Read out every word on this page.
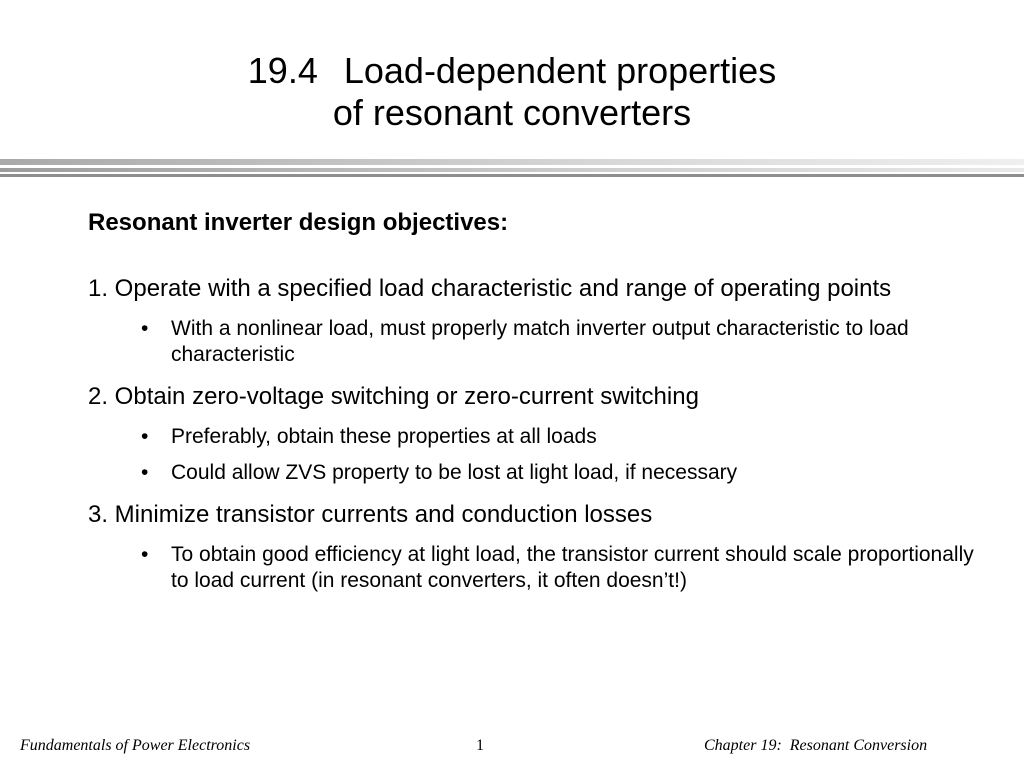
19.4 Load-dependent properties
of resonant converters

Resonant inverter design objectives:

1. Operate with a specified load characteristic and range of operating points

• With a nonlinear load, must properly match inverter output characteristic to load characteristic

2. Obtain zero-voltage switching or zero-current switching

• Preferably, obtain these properties at all loads
• Could allow ZVS property to be lost at light load, if necessary

3. Minimize transistor currents and conduction losses

• To obtain good efficiency at light load, the transistor current should scale proportionally to load current (in resonant converters, it often doesn’t!)
Fundamentals of Power Electronics	1	Chapter 19:  Resonant Conversion
